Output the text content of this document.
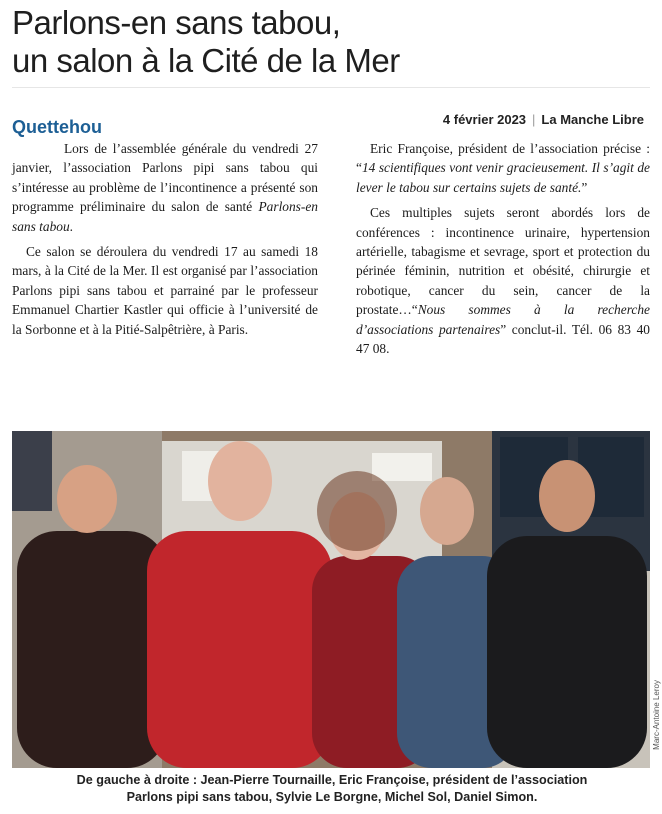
Parlons-en sans tabou,
un salon à la Cité de la Mer
Quettehou	4 février 2023 | La Manche Libre

Lors de l’assemblée générale du vendredi 27 janvier, l’association Parlons pipi sans tabou qui s’intéresse au problème de l’incontinence a présenté son programme préliminaire du salon de santé Parlons-en sans tabou.

Ce salon se déroulera du vendredi 17 au samedi 18 mars, à la Cité de la Mer. Il est organisé par l’association Parlons pipi sans tabou et parrainé par le professeur Emmanuel Chartier Kastler qui officie à l’université de la Sorbonne et à la Pitié-Salpêtrière, à Paris.

Eric Françoise, président de l’association précise : “14 scientifiques vont venir gracieusement. Il s’agit de lever le tabou sur certains sujets de santé.”

Ces multiples sujets seront abordés lors de conférences : incontinence urinaire, hypertension artérielle, tabagisme et sevrage, sport et protection du périnée féminin, nutrition et obésité, chirurgie et robotique, cancer du sein, cancer de la prostate…“Nous sommes à la recherche d’associations partenaires” conclut-il. Tél. 06 83 40 47 08.

Marc-Antoine Leroy
De gauche à droite : Jean-Pierre Tournaille, Eric Françoise, président de l’association
Parlons pipi sans tabou, Sylvie Le Borgne, Michel Sol, Daniel Simon.
